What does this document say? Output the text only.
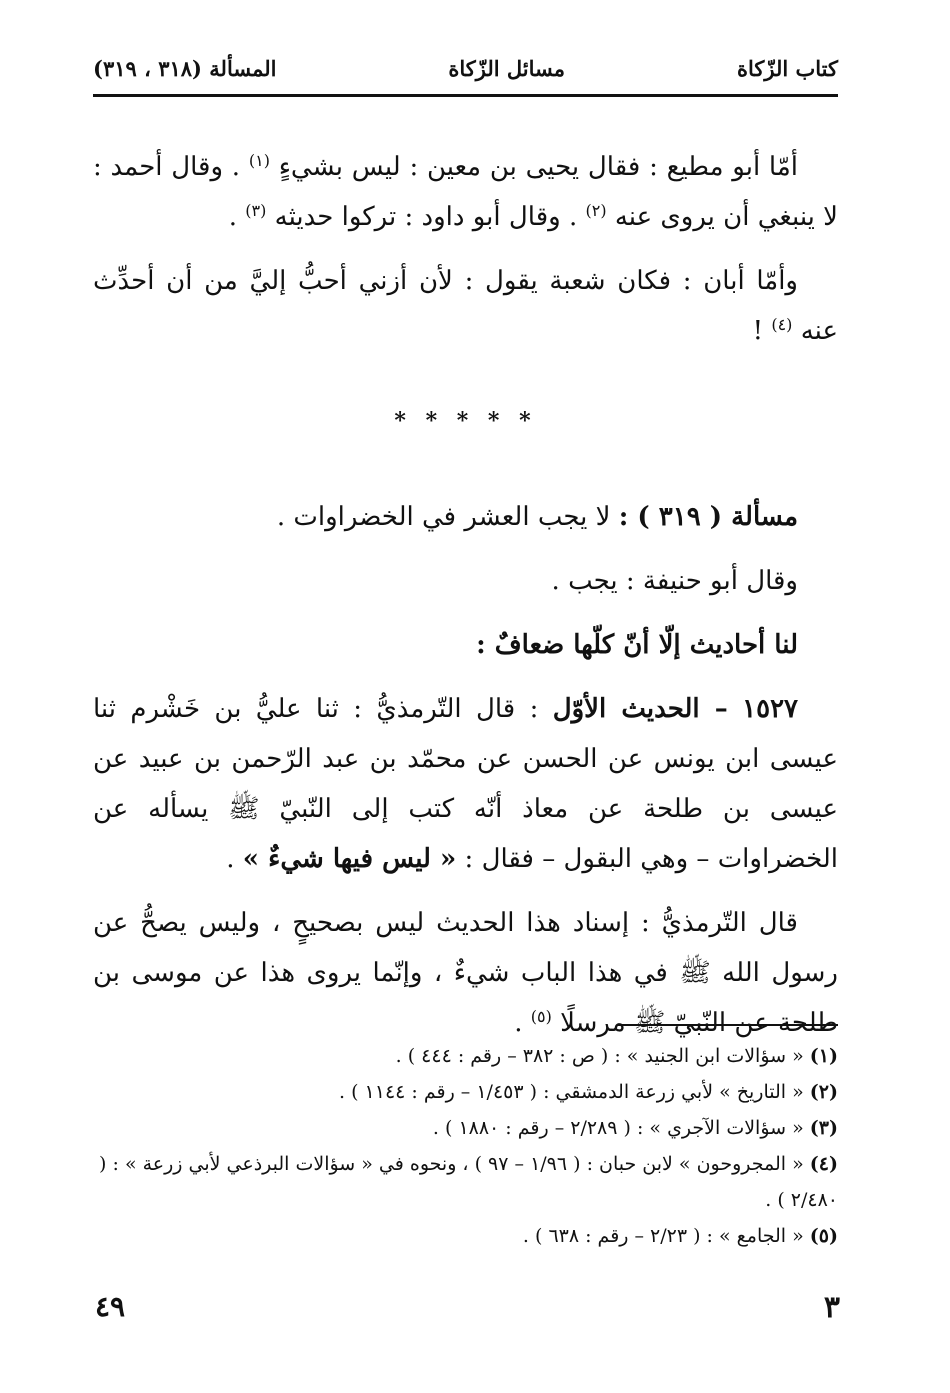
كتاب الزّكاة
مسائل الزّكاة
المسألة (٣١٨ ، ٣١٩)

أمّا أبو مطيع : فقال يحيى بن معين : ليس بشيءٍ $^{(١)}$ . وقال أحمد : لا ينبغي أن يروى عنه $^{(٢)}$ . وقال أبو داود : تركوا حديثه $^{(٣)}$ .

وأمّا أبان : فكان شعبة يقول : لأن أزني أحبُّ إليَّ من أن أحدِّث عنه $^{(٤)}$ !

* * * * *

مسألة ( ٣١٩ ) : لا يجب العشر في الخضراوات .

وقال أبو حنيفة : يجب .

لنا أحاديث إلّا أنّ كلّها ضعافٌ :

١٥٢٧ – الحديث الأوّل : قال التّرمذيُّ : ثنا عليُّ بن خَشْرم ثنا عيسى ابن يونس عن الحسن عن محمّد بن عبد الرّحمن بن عبيد عن عيسى بن طلحة عن معاذ أنّه كتب إلى النّبيّ ﷺ يسأله عن الخضراوات – وهي البقول – فقال : « ليس فيها شيءٌ » .

قال التّرمذيُّ : إسناد هذا الحديث ليس بصحيحٍ ، وليس يصحُّ عن رسول الله ﷺ في هذا الباب شيءٌ ، وإنّما يروى هذا عن موسى بن طلحة عن النّبيّ ﷺ مرسلًا $^{(٥)}$ .

(١) « سؤالات ابن الجنيد » : ( ص : ٣٨٢ – رقم : ٤٤٤ ) .

(٢) « التاريخ » لأبي زرعة الدمشقي : ( ١/٤٥٣ – رقم : ١١٤٤ ) .

(٣) « سؤالات الآجري » : ( ٢/٢٨٩ – رقم : ١٨٨٠ ) .

(٤) « المجروحون » لابن حبان : ( ١/٩٦ – ٩٧ ) ، ونحوه في « سؤالات البرذعي لأبي زرعة » : ( ٢/٤٨٠ ) .

(٥) « الجامع » : ( ٢/٢٣ – رقم : ٦٣٨ ) .

٣
٤٩
